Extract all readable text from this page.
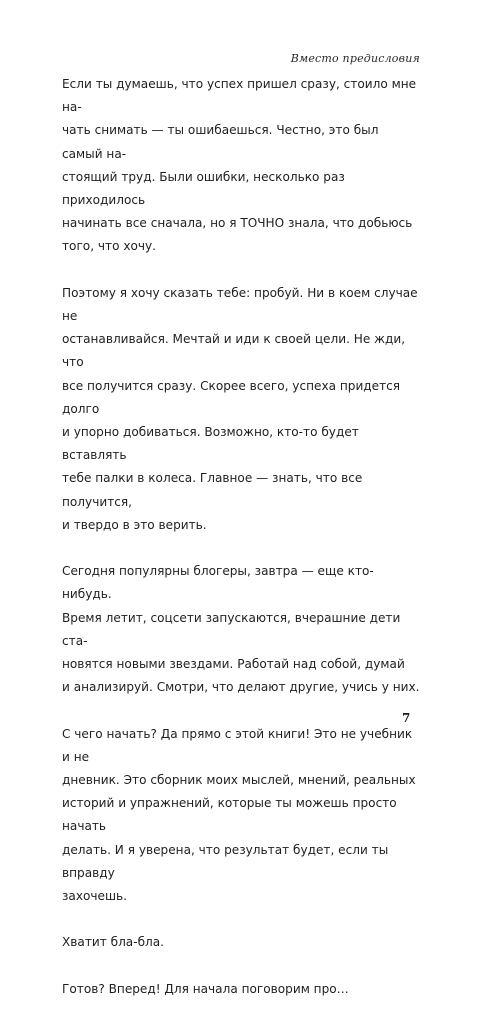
Вместо предисловия

Если ты думаешь, что успех пришел сразу, стоило мне на-
чать снимать — ты ошибаешься. Честно, это был самый на-
стоящий труд. Были ошибки, несколько раз приходилось
начинать все сначала, но я ТОЧНО знала, что добьюсь
того, что хочу.

Поэтому я хочу сказать тебе: пробуй. Ни в коем случае не
останавливайся. Мечтай и иди к своей цели. Не жди, что
все получится сразу. Скорее всего, успеха придется долго
и упорно добиваться. Возможно, кто-то будет вставлять
тебе палки в колеса. Главное — знать, что все получится,
и твердо в это верить.

Сегодня популярны блогеры, завтра — еще кто-нибудь.
Время летит, соцсети запускаются, вчерашние дети ста-
новятся новыми звездами. Работай над собой, думай
и анализируй. Смотри, что делают другие, учись у них.

С чего начать? Да прямо с этой книги! Это не учебник и не
дневник. Это сборник моих мыслей, мнений, реальных
историй и упражнений, которые ты можешь просто начать
делать. И я уверена, что результат будет, если ты вправду
захочешь.

Хватит бла-бла.

Готов? Вперед! Для начала поговорим про…

7
